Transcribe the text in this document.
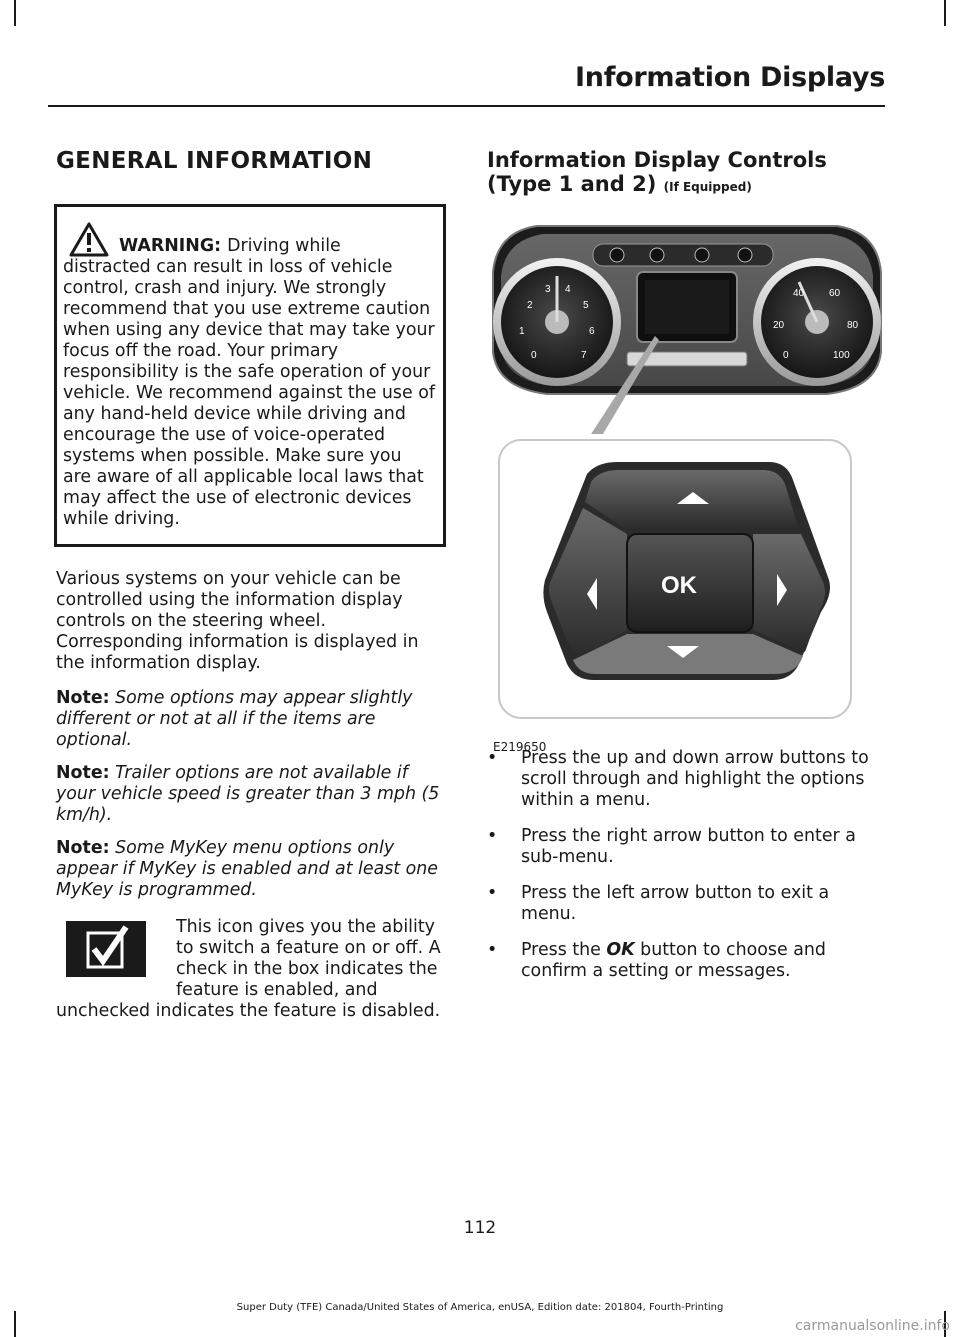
Information Displays
GENERAL INFORMATION
WARNING: Driving while
distracted can result in loss of vehicle control, crash and injury. We strongly recommend that you use extreme caution when using any device that may take your focus off the road. Your primary responsibility is the safe operation of your vehicle. We recommend against the use of any hand-held device while driving and encourage the use of voice-operated systems when possible. Make sure you are aware of all applicable local laws that may affect the use of electronic devices while driving.

Various systems on your vehicle can be controlled using the information display controls on the steering wheel. Corresponding information is displayed in the information display.

Note: Some options may appear slightly different or not at all if the items are optional.

Note: Trailer options are not available if your vehicle speed is greater than 3 mph (5 km/h).

Note: Some MyKey menu options only appear if MyKey is enabled and at least one MyKey is programmed.

This icon gives you the ability to switch a feature on or off. A check in the box indicates the feature is enabled, and unchecked indicates the feature is disabled.
Information Display Controls (Type 1 and 2) (If Equipped)
0
1
2
3 4
5
6
7	0
20
40 60
80
100
OK
E219650
• Press the up and down arrow buttons to scroll through and highlight the options within a menu.
• Press the right arrow button to enter a sub-menu.
• Press the left arrow button to exit a menu.
• Press the OK button to choose and confirm a setting or messages.
112
Super Duty (TFE) Canada/United States of America, enUSA, Edition date: 201804, Fourth-Printing
carmanualsonline.info
